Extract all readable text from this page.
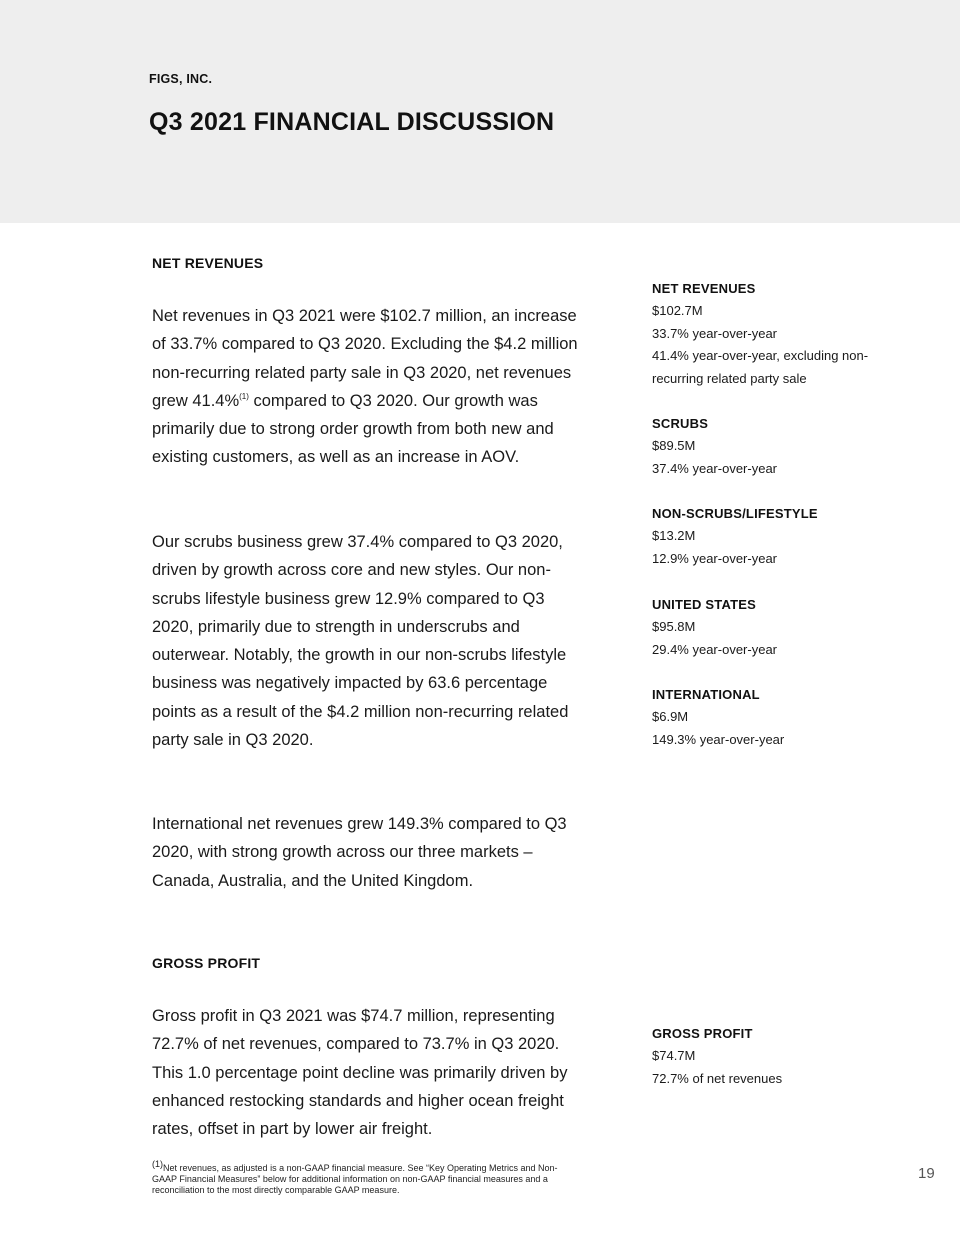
FIGS, INC.
Q3 2021 FINANCIAL DISCUSSION
NET REVENUES

Net revenues in Q3 2021 were $102.7 million, an increase of 33.7% compared to Q3 2020. Excluding the $4.2 million non-recurring related party sale in Q3 2020, net revenues grew 41.4%$^{(1)}$ compared to Q3 2020. Our growth was primarily due to strong order growth from both new and existing customers, as well as an increase in AOV.

Our scrubs business grew 37.4% compared to Q3 2020, driven by growth across core and new styles. Our non-scrubs lifestyle business grew 12.9% compared to Q3 2020, primarily due to strength in underscrubs and outerwear. Notably, the growth in our non-scrubs lifestyle business was negatively impacted by 63.6 percentage points as a result of the $4.2 million non-recurring related party sale in Q3 2020.

International net revenues grew 149.3% compared to Q3 2020, with strong growth across our three markets – Canada, Australia, and the United Kingdom.

GROSS PROFIT

Gross profit in Q3 2021 was $74.7 million, representing 72.7% of net revenues, compared to 73.7% in Q3 2020. This 1.0 percentage point decline was primarily driven by enhanced restocking standards and higher ocean freight rates, offset in part by lower air freight.

NET REVENUES
$102.7M
33.7% year-over-year
41.4% year-over-year, excluding non-recurring related party sale
SCRUBS
$89.5M
37.4% year-over-year
NON-SCRUBS/LIFESTYLE
$13.2M
12.9% year-over-year
UNITED STATES
$95.8M
29.4% year-over-year
INTERNATIONAL
$6.9M
149.3% year-over-year
GROSS PROFIT
$74.7M
72.7% of net revenues

$^{(1)}$Net revenues, as adjusted is a non-GAAP financial measure. See “Key Operating Metrics and Non-GAAP Financial Measures” below for additional information on non-GAAP financial measures and a reconciliation to the most directly comparable GAAP measure.

19
